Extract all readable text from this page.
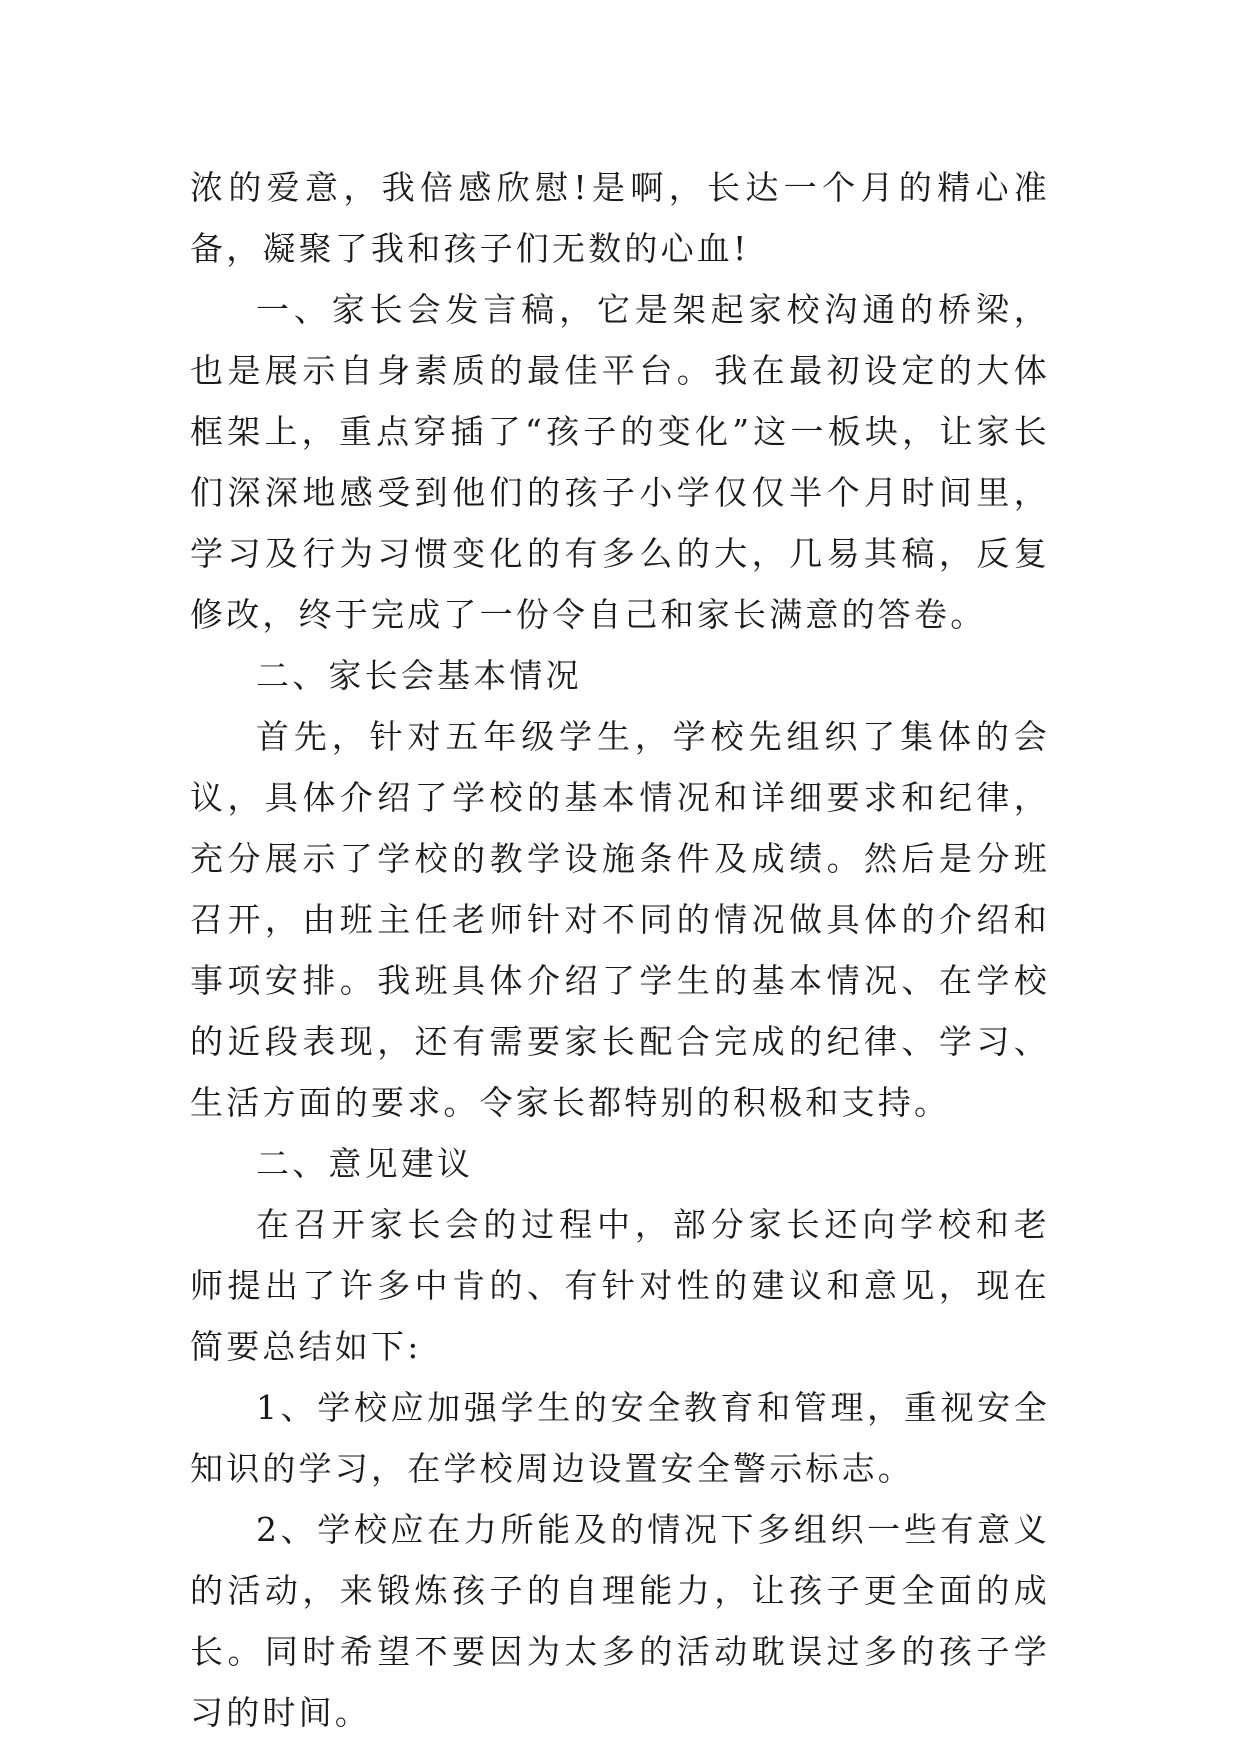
浓的爱意，我倍感欣慰!是啊，长达一个月的精心准备，凝聚了我和孩子们无数的心血!

一、家长会发言稿，它是架起家校沟通的桥梁，也是展示自身素质的最佳平台。我在最初设定的大体框架上，重点穿插了“孩子的变化”这一板块，让家长们深深地感受到他们的孩子小学仅仅半个月时间里，学习及行为习惯变化的有多么的大，几易其稿，反复修改，终于完成了一份令自己和家长满意的答卷。

二、家长会基本情况

首先，针对五年级学生，学校先组织了集体的会议，具体介绍了学校的基本情况和详细要求和纪律，充分展示了学校的教学设施条件及成绩。然后是分班召开，由班主任老师针对不同的情况做具体的介绍和事项安排。我班具体介绍了学生的基本情况、在学校的近段表现，还有需要家长配合完成的纪律、学习、生活方面的要求。令家长都特别的积极和支持。

二、意见建议

在召开家长会的过程中，部分家长还向学校和老师提出了许多中肯的、有针对性的建议和意见，现在简要总结如下:

1、学校应加强学生的安全教育和管理，重视安全知识的学习，在学校周边设置安全警示标志。

2、学校应在力所能及的情况下多组织一些有意义的活动，来锻炼孩子的自理能力，让孩子更全面的成长。同时希望不要因为太多的活动耽误过多的孩子学习的时间。
